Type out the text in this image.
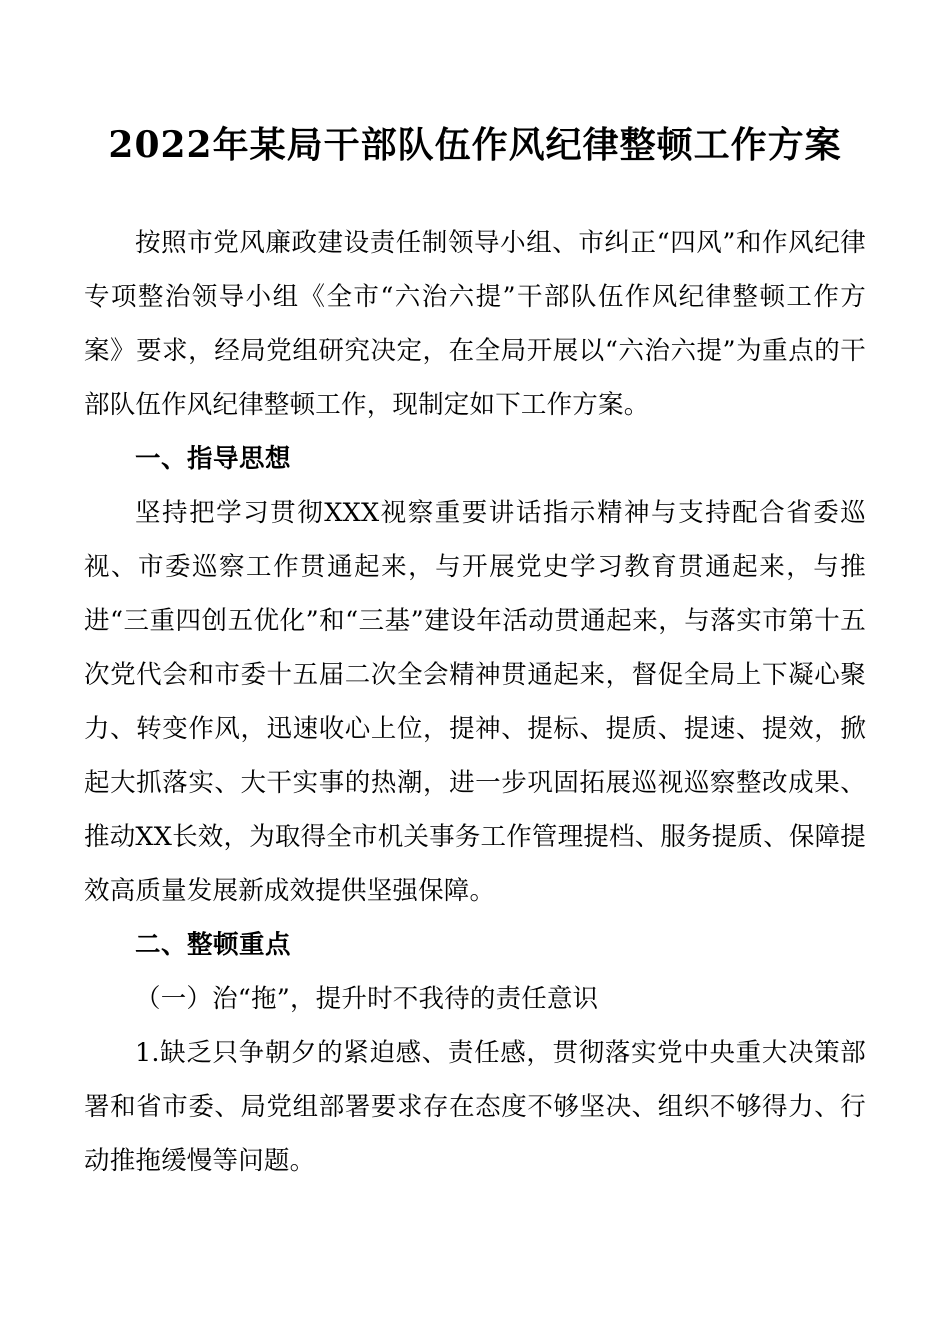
2022年某局干部队伍作风纪律整顿工作方案

按照市党风廉政建设责任制领导小组、市纠正“四风”和作风纪律专项整治领导小组《全市“六治六提”干部队伍作风纪律整顿工作方案》要求，经局党组研究决定，在全局开展以“六治六提”为重点的干部队伍作风纪律整顿工作，现制定如下工作方案。

一、指导思想

坚持把学习贯彻XXX视察重要讲话指示精神与支持配合省委巡视、市委巡察工作贯通起来，与开展党史学习教育贯通起来，与推进“三重四创五优化”和“三基”建设年活动贯通起来，与落实市第十五次党代会和市委十五届二次全会精神贯通起来，督促全局上下凝心聚力、转变作风，迅速收心上位，提神、提标、提质、提速、提效，掀起大抓落实、大干实事的热潮，进一步巩固拓展巡视巡察整改成果、推动XX长效，为取得全市机关事务工作管理提档、服务提质、保障提效高质量发展新成效提供坚强保障。

二、整顿重点

（一）治“拖”，提升时不我待的责任意识

1.缺乏只争朝夕的紧迫感、责任感，贯彻落实党中央重大决策部署和省市委、局党组部署要求存在态度不够坚决、组织不够得力、行动推拖缓慢等问题。
